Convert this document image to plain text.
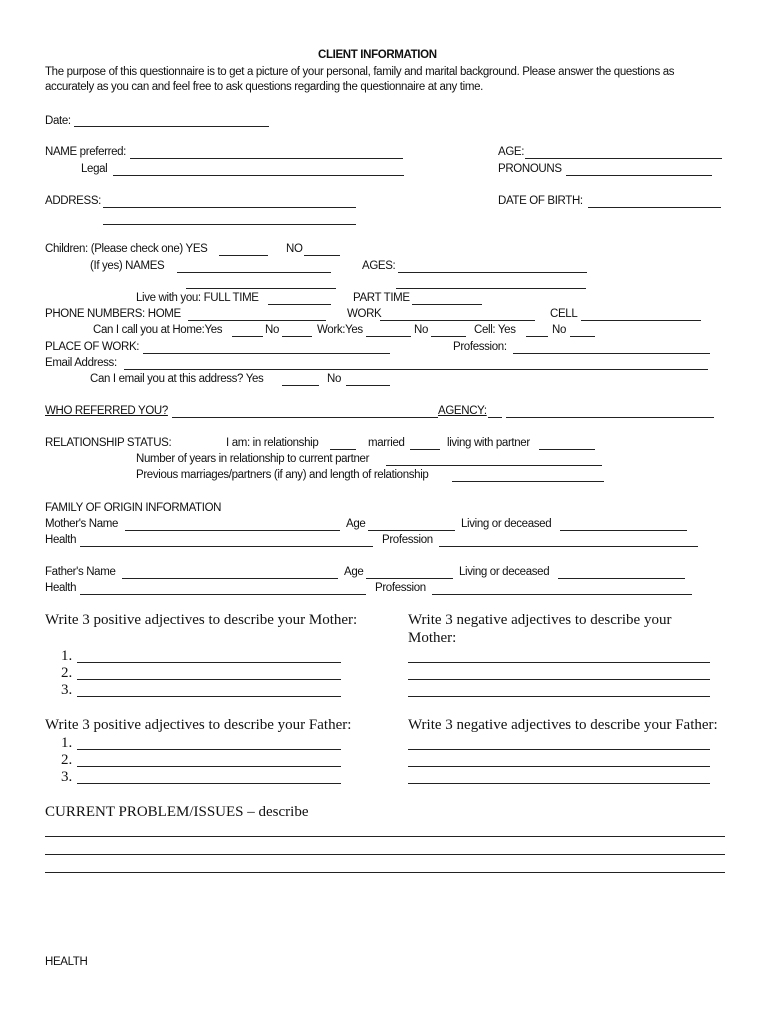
CLIENT INFORMATION
The purpose of this questionnaire is to get a picture of your personal, family and marital background. Please answer the questions as
accurately as you can and feel free to ask questions regarding the questionnaire at any time.
Date:
NAME preferred:	AGE:
Legal	PRONOUNS
ADDRESS:	DATE OF BIRTH:
Children: (Please check one) YES	NO
(If yes) NAMES	AGES:
Live with you: FULL TIME	PART TIME
PHONE NUMBERS: HOME	WORK	CELL
Can I call you at Home:Yes	No	Work:Yes	No	Cell: Yes	No
PLACE OF WORK:	Profession:
Email Address:
Can I email you at this address? Yes	No
WHO REFERRED YOU?	AGENCY:
RELATIONSHIP STATUS:	I am: in relationship	married	living with partner
Number of years in relationship to current partner
Previous marriages/partners (if any) and length of relationship
FAMILY OF ORIGIN INFORMATION
Mother's Name	Age	Living or deceased
Health	Profession
Father's Name	Age	Living or deceased
Health	Profession
Write 3 positive adjectives to describe your Mother:	Write 3 negative adjectives to describe your
Mother:
1.
2.
3.
Write 3 positive adjectives to describe your Father:	Write 3 negative adjectives to describe your Father:
1.
2.
3.
CURRENT PROBLEM/ISSUES – describe
HEALTH
